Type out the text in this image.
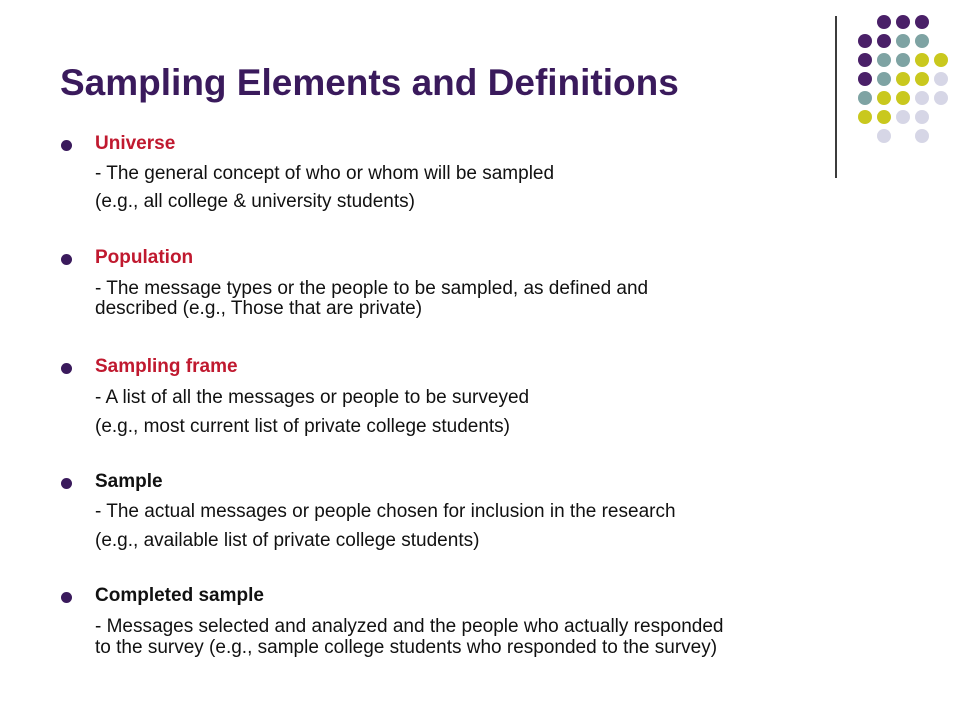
Sampling Elements and Definitions
Universe
- The general concept of who or whom will be sampled
(e.g., all college & university students)
Population
- The message types or the people to be sampled, as defined and
described (e.g., Those that are private)
Sampling frame
- A list of all the messages or people to be surveyed
(e.g., most current list of private college students)
Sample
- The actual messages or people chosen for inclusion in the research
(e.g., available list of private college students)
Completed sample
- Messages selected and analyzed and the people who actually responded
to the survey (e.g., sample college students who responded to the survey)
